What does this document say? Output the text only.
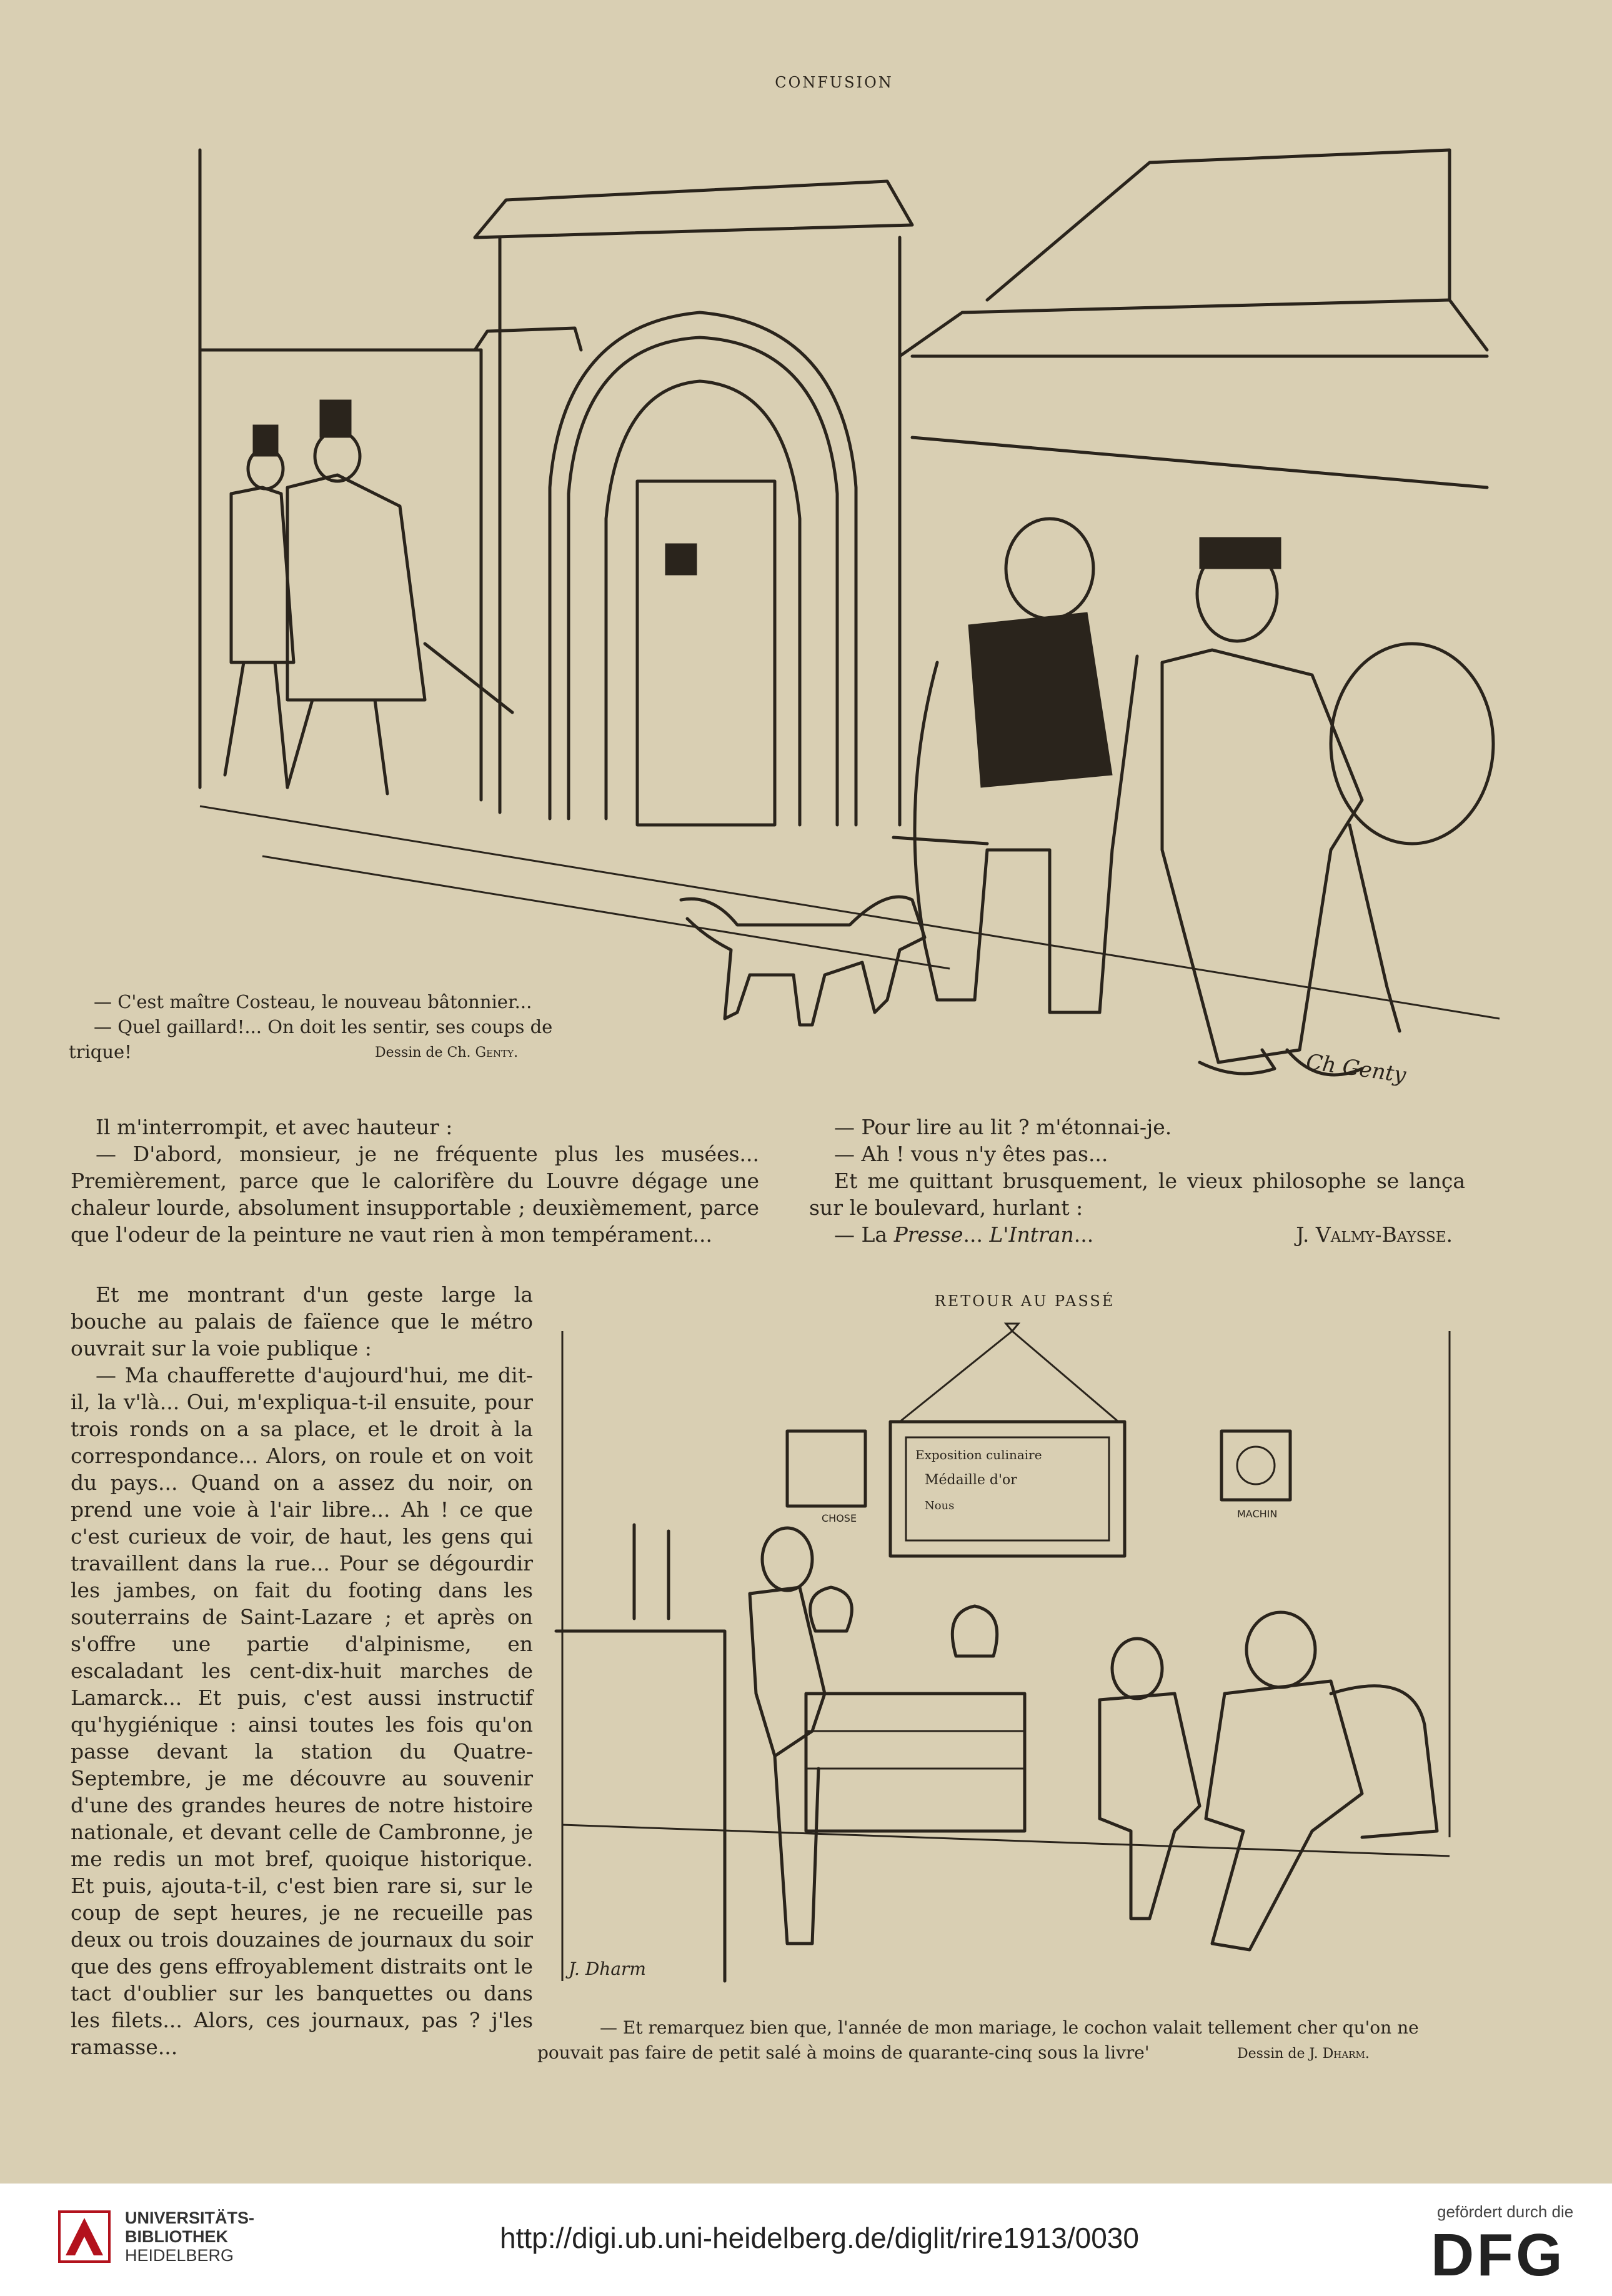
CONFUSION
— C'est maître Costeau, le nouveau bâtonnier...
— Quel gaillard!... On doit les sentir, ses coups de
trique!	Dessin de Ch. Genty.	Ch Genty

Il m'interrompit, et avec hauteur :

— D'abord, monsieur, je ne fréquente plus les musées... Premièrement, parce que le calorifère du Louvre dégage une chaleur lourde, absolument insupportable ; deuxièmement, parce que l'odeur de la peinture ne vaut rien à mon tempérament...

Et me montrant d'un geste large la bouche au palais de faïence que le métro ouvrait sur la voie publique :

— Ma chaufferette d'aujourd'hui, me dit-il, la v'là... Oui, m'expliqua-t-il ensuite, pour trois ronds on a sa place, et le droit à la correspondance... Alors, on roule et on voit du pays... Quand on a assez du noir, on prend une voie à l'air libre... Ah ! ce que c'est curieux de voir, de haut, les gens qui travaillent dans la rue... Pour se dégourdir les jambes, on fait du footing dans les souterrains de Saint-Lazare ; et après on s'offre une partie d'alpinisme, en escaladant les cent-dix-huit marches de Lamarck... Et puis, c'est aussi instructif qu'hygiénique : ainsi toutes les fois qu'on passe devant la station du Quatre-Septembre, je me découvre au souvenir d'une des grandes heures de notre histoire nationale, et devant celle de Cambronne, je me redis un mot bref, quoique historique. Et puis, ajouta-t-il, c'est bien rare si, sur le coup de sept heures, je ne recueille pas deux ou trois douzaines de journaux du soir que des gens effroyablement distraits ont le tact d'oublier sur les banquettes ou dans les filets... Alors, ces journaux, pas ? j'les ramasse...

— Pour lire au lit ? m'étonnai-je.

— Ah ! vous n'y êtes pas...

Et me quittant brusquement, le vieux philosophe se lança sur le boulevard, hurlant :

— La Presse... L'Intran...	J. Valmy-Baysse.

RETOUR AU PASSÉ
Exposition culinaire
Médaille d'or
Nous
CHOSE	MACHIN
J. Dharm
— Et remarquez bien que, l'année de mon mariage, le cochon valait tellement cher qu'on ne
pouvait pas faire de petit salé à moins de quarante-cinq sous la livre'	Dessin de J. Dharm.
UNIVERSITÄTS-
BIBLIOTHEK
HEIDELBERG
http://digi.ub.uni-heidelberg.de/diglit/rire1913/0030
gefördert durch die
DFG
